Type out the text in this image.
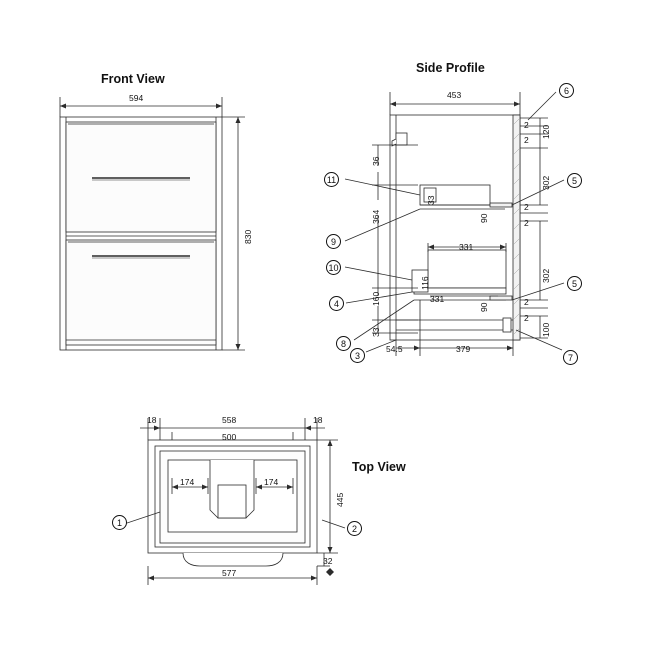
Front View
Side Profile
Top View
594
830
453
36
364
160
33
33
90
331
116
331
90
54.5	379
120
2
2
302
2
2
302
2
2
100
18	558	18
500
174	174
445
577
32
1
2
3
4
5
5
6
7
8
9
10
11
